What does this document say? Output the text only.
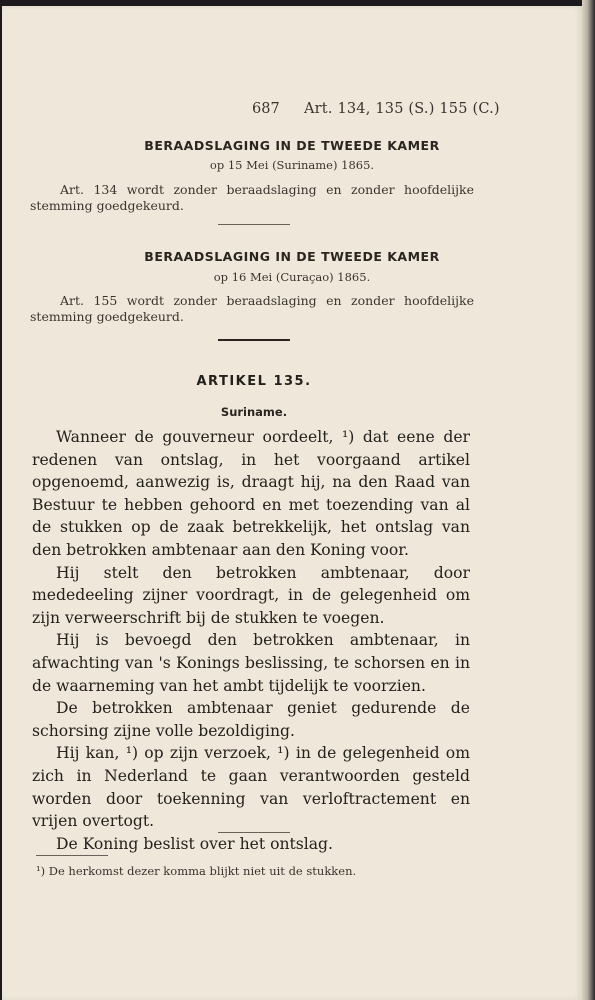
687 Art. 134, 135 (S.) 155 (C.)
BERAADSLAGING IN DE TWEEDE KAMER
op 15 Mei (Suriname) 1865.
Art. 134 wordt zonder beraadslaging en zonder hoofdelijke stemming goedgekeurd.
BERAADSLAGING IN DE TWEEDE KAMER
op 16 Mei (Curaçao) 1865.
Art. 155 wordt zonder beraadslaging en zonder hoofdelijke stemming goedgekeurd.
ARTIKEL 135.
Suriname.

Wanneer de gouverneur oordeelt, ¹) dat eene der redenen van ontslag, in het voorgaand artikel opgenoemd, aanwezig is, draagt hij, na den Raad van Bestuur te hebben gehoord en met toezending van al de stukken op de zaak betrekkelijk, het ontslag van den betrokken ambtenaar aan den Koning voor.

Hij stelt den betrokken ambtenaar, door mededeeling zijner voordragt, in de gelegenheid om zijn verweerschrift bij de stukken te voegen.

Hij is bevoegd den betrokken ambtenaar, in afwachting van 's Konings beslissing, te schorsen en in de waarneming van het ambt tijdelijk te voorzien.

De betrokken ambtenaar geniet gedurende de schorsing zijne volle bezoldiging.

Hij kan, ¹) op zijn verzoek, ¹) in de gelegenheid om zich in Nederland te gaan verantwoorden gesteld worden door toekenning van verloftractement en vrijen overtogt.

De Koning beslist over het ontslag.

¹) De herkomst dezer komma blijkt niet uit de stukken.
